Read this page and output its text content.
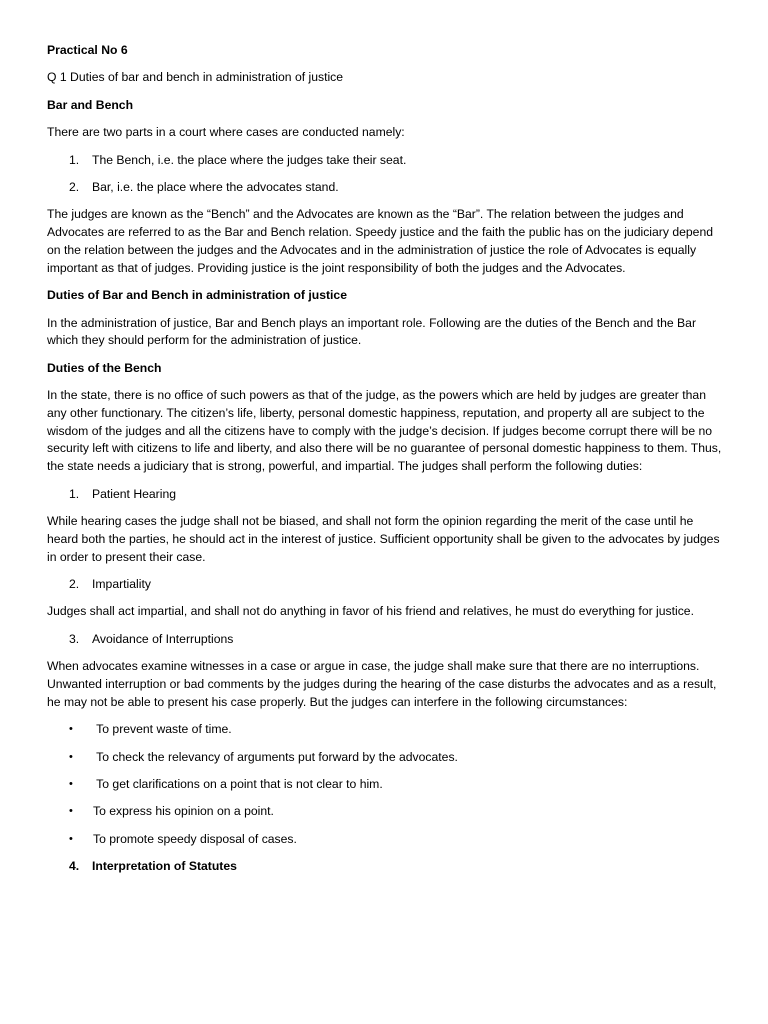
Practical No 6

Q 1 Duties of bar and bench in administration of justice

Bar and Bench

There are two parts in a court where cases are conducted namely:

1. The Bench, i.e. the place where the judges take their seat.
2. Bar, i.e. the place where the advocates stand.

The judges are known as the “Bench” and the Advocates are known as the “Bar”. The relation between the judges and Advocates are referred to as the Bar and Bench relation. Speedy justice and the faith the public has on the judiciary depend on the relation between the judges and the Advocates and in the administration of justice the role of Advocates is equally important as that of judges. Providing justice is the joint responsibility of both the judges and the Advocates.

Duties of Bar and Bench in administration of justice

In the administration of justice, Bar and Bench plays an important role. Following are the duties of the Bench and the Bar which they should perform for the administration of justice.

Duties of the Bench

In the state, there is no office of such powers as that of the judge, as the powers which are held by judges are greater than any other functionary. The citizen’s life, liberty, personal domestic happiness, reputation, and property all are subject to the wisdom of the judges and all the citizens have to comply with the judge’s decision. If judges become corrupt there will be no security left with citizens to life and liberty, and also there will be no guarantee of personal domestic happiness to them. Thus, the state needs a judiciary that is strong, powerful, and impartial. The judges shall perform the following duties:

1. Patient Hearing

While hearing cases the judge shall not be biased, and shall not form the opinion regarding the merit of the case until he heard both the parties, he should act in the interest of justice. Sufficient opportunity shall be given to the advocates by judges in order to present their case.

2. Impartiality

Judges shall act impartial, and shall not do anything in favor of his friend and relatives, he must do everything for justice.

3. Avoidance of Interruptions

When advocates examine witnesses in a case or argue in case, the judge shall make sure that there are no interruptions. Unwanted interruption or bad comments by the judges during the hearing of the case disturbs the advocates and as a result, he may not be able to present his case properly. But the judges can interfere in the following circumstances:

• To prevent waste of time.
• To check the relevancy of arguments put forward by the advocates.
• To get clarifications on a point that is not clear to him.
• To express his opinion on a point.
• To promote speedy disposal of cases.
4. Interpretation of Statutes
